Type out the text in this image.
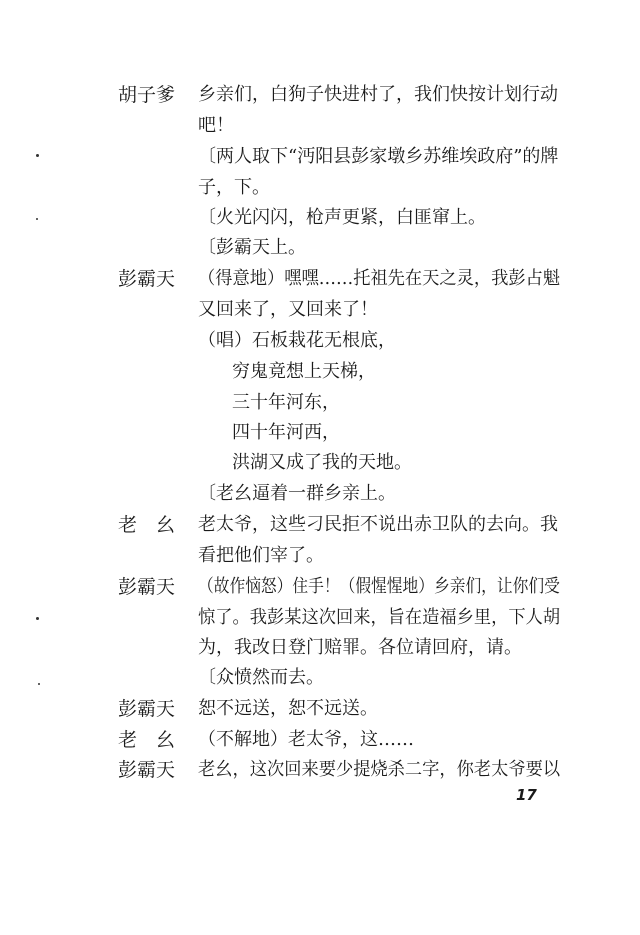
胡子爹	乡亲们，白狗子快进村了，我们快按计划行动
吧！
〔两人取下“沔阳县彭家墩乡苏维埃政府”的牌
子，下。
〔火光闪闪，枪声更紧，白匪窜上。
〔彭霸天上。
彭霸天	（得意地）嘿嘿……托祖先在天之灵，我彭占魁
又回来了，又回来了！
（唱）石板栽花无根底，
穷鬼竟想上天梯，
三十年河东，
四十年河西，
洪湖又成了我的天地。
〔老幺逼着一群乡亲上。
老　幺	老太爷，这些刁民拒不说出赤卫队的去向。我
看把他们宰了。
彭霸天	（故作恼怒）住手！（假惺惺地）乡亲们，让你们受
惊了。我彭某这次回来，旨在造福乡里，下人胡
为，我改日登门赔罪。各位请回府，请。
〔众愤然而去。
彭霸天	恕不远送，恕不远送。
老　幺	（不解地）老太爷，这……
彭霸天	老幺，这次回来要少提烧杀二字，你老太爷要以
17
